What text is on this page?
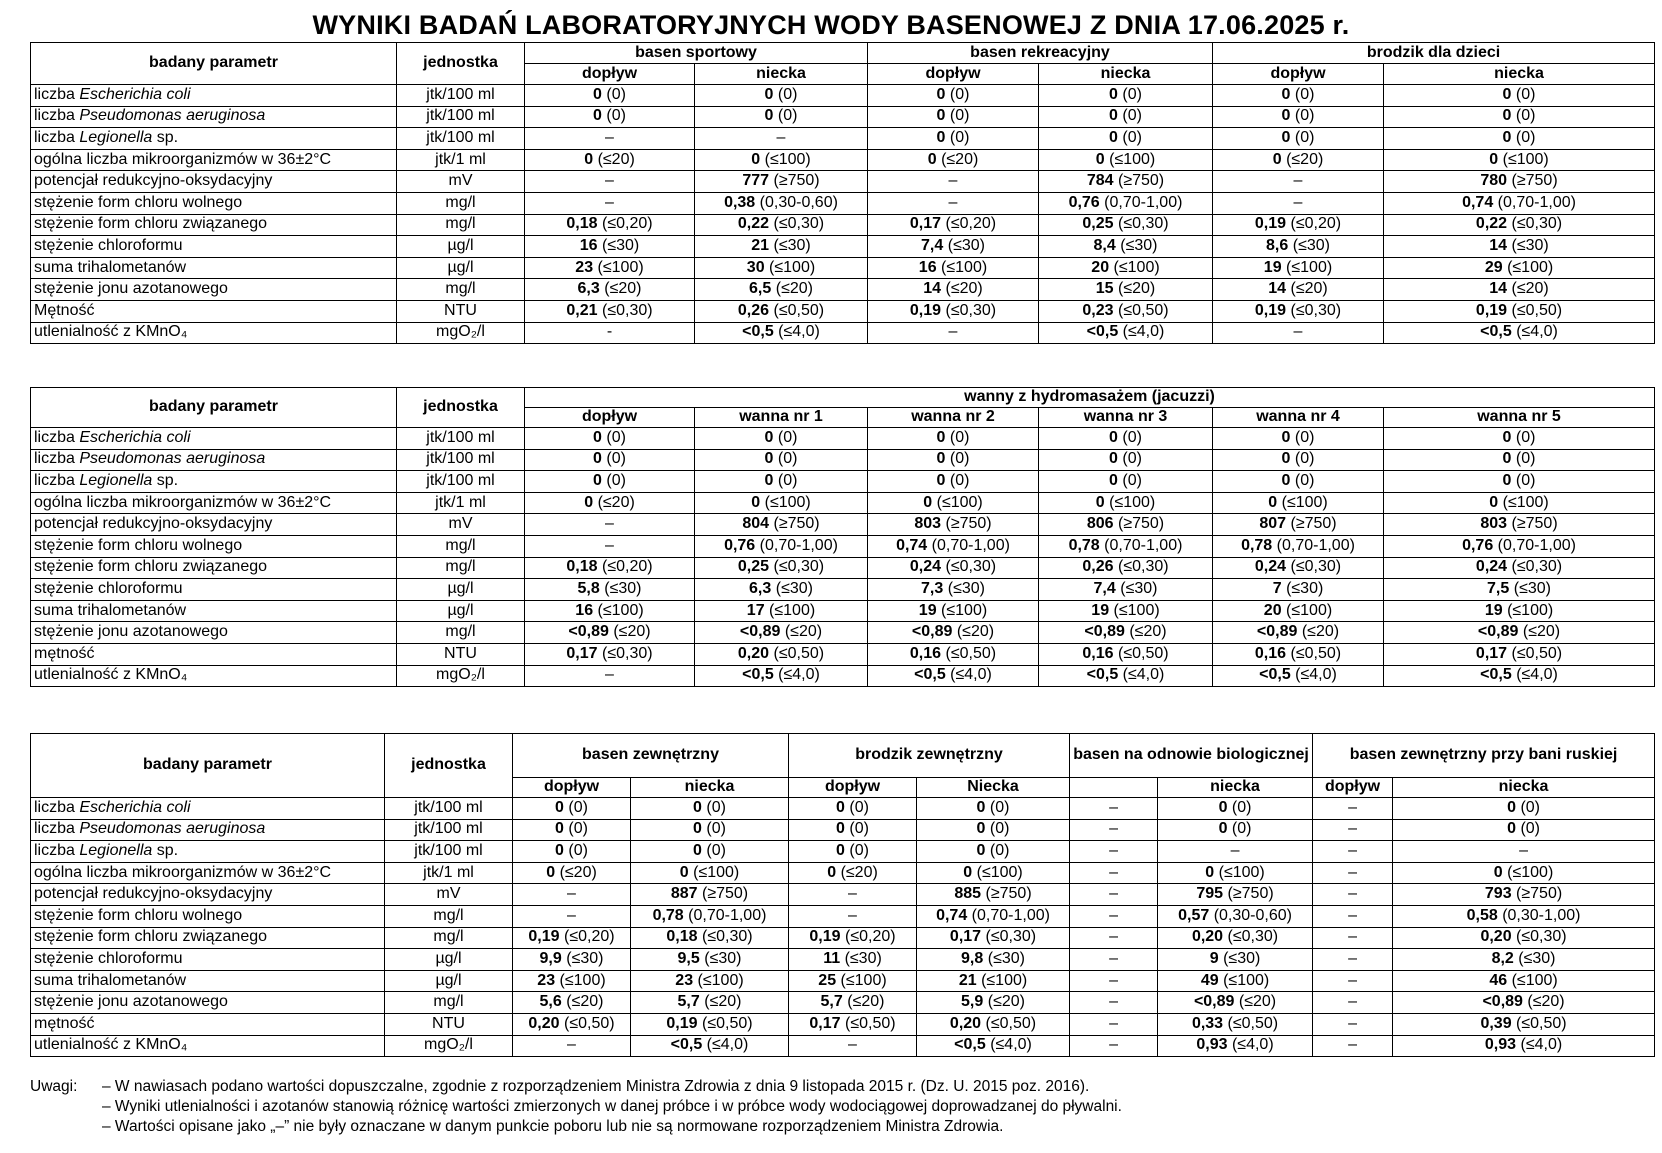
WYNIKI BADAŃ LABORATORYJNYCH WODY BASENOWEJ Z DNIA 17.06.2025 r.
badany parametr	jednostka	basen sportowy		basen rekreacyjny		brodzik dla dzieci	
		dopływ	niecka	dopływ	niecka	dopływ	niecka
liczba Escherichia coli	jtk/100 ml	0 (0)	0 (0)	0 (0)	0 (0)	0 (0)	0 (0)
liczba Pseudomonas aeruginosa	jtk/100 ml	0 (0)	0 (0)	0 (0)	0 (0)	0 (0)	0 (0)
liczba Legionella sp.	jtk/100 ml	–	–	0 (0)	0 (0)	0 (0)	0 (0)
ogólna liczba mikroorganizmów w 36±2°C	jtk/1 ml	0 (≤20)	0 (≤100)	0 (≤20)	0 (≤100)	0 (≤20)	0 (≤100)
potencjał redukcyjno-oksydacyjny	mV	–	777 (≥750)	–	784 (≥750)	–	780 (≥750)
stężenie form chloru wolnego	mg/l	–	0,38 (0,30-0,60)	–	0,76 (0,70-1,00)	–	0,74 (0,70-1,00)
stężenie form chloru związanego	mg/l	0,18 (≤0,20)	0,22 (≤0,30)	0,17 (≤0,20)	0,25 (≤0,30)	0,19 (≤0,20)	0,22 (≤0,30)
stężenie chloroformu	µg/l	16 (≤30)	21 (≤30)	7,4 (≤30)	8,4 (≤30)	8,6 (≤30)	14 (≤30)
suma trihalometanów	µg/l	23 (≤100)	30 (≤100)	16 (≤100)	20 (≤100)	19 (≤100)	29 (≤100)
stężenie jonu azotanowego	mg/l	6,3 (≤20)	6,5 (≤20)	14 (≤20)	15 (≤20)	14 (≤20)	14 (≤20)
Mętność	NTU	0,21 (≤0,30)	0,26 (≤0,50)	0,19 (≤0,30)	0,23 (≤0,50)	0,19 (≤0,30)	0,19 (≤0,50)
utlenialność z KMnO₄	mgO₂/l	-	<0,5 (≤4,0)	–	<0,5 (≤4,0)	–	<0,5 (≤4,0)
badany parametr	jednostka	wanny z hydromasażem (jacuzzi)					
		dopływ	wanna nr 1	wanna nr 2	wanna nr 3	wanna nr 4	wanna nr 5
liczba Escherichia coli	jtk/100 ml	0 (0)	0 (0)	0 (0)	0 (0)	0 (0)	0 (0)
liczba Pseudomonas aeruginosa	jtk/100 ml	0 (0)	0 (0)	0 (0)	0 (0)	0 (0)	0 (0)
liczba Legionella sp.	jtk/100 ml	0 (0)	0 (0)	0 (0)	0 (0)	0 (0)	0 (0)
ogólna liczba mikroorganizmów w 36±2°C	jtk/1 ml	0 (≤20)	0 (≤100)	0 (≤100)	0 (≤100)	0 (≤100)	0 (≤100)
potencjał redukcyjno-oksydacyjny	mV	–	804 (≥750)	803 (≥750)	806 (≥750)	807 (≥750)	803 (≥750)
stężenie form chloru wolnego	mg/l	–	0,76 (0,70-1,00)	0,74 (0,70-1,00)	0,78 (0,70-1,00)	0,78 (0,70-1,00)	0,76 (0,70-1,00)
stężenie form chloru związanego	mg/l	0,18 (≤0,20)	0,25 (≤0,30)	0,24 (≤0,30)	0,26 (≤0,30)	0,24 (≤0,30)	0,24 (≤0,30)
stężenie chloroformu	µg/l	5,8 (≤30)	6,3 (≤30)	7,3 (≤30)	7,4 (≤30)	7 (≤30)	7,5 (≤30)
suma trihalometanów	µg/l	16 (≤100)	17 (≤100)	19 (≤100)	19 (≤100)	20 (≤100)	19 (≤100)
stężenie jonu azotanowego	mg/l	<0,89 (≤20)	<0,89 (≤20)	<0,89 (≤20)	<0,89 (≤20)	<0,89 (≤20)	<0,89 (≤20)
mętność	NTU	0,17 (≤0,30)	0,20 (≤0,50)	0,16 (≤0,50)	0,16 (≤0,50)	0,16 (≤0,50)	0,17 (≤0,50)
utlenialność z KMnO₄	mgO₂/l	–	<0,5 (≤4,0)	<0,5 (≤4,0)	<0,5 (≤4,0)	<0,5 (≤4,0)	<0,5 (≤4,0)
badany parametr	jednostka	basen zewnętrzny		brodzik zewnętrzny		basen na odnowie biologicznej		basen zewnętrzny przy bani ruskiej	
		dopływ	niecka	dopływ	Niecka		niecka	dopływ	niecka
liczba Escherichia coli	jtk/100 ml	0 (0)	0 (0)	0 (0)	0 (0)	–	0 (0)	–	0 (0)
liczba Pseudomonas aeruginosa	jtk/100 ml	0 (0)	0 (0)	0 (0)	0 (0)	–	0 (0)	–	0 (0)
liczba Legionella sp.	jtk/100 ml	0 (0)	0 (0)	0 (0)	0 (0)	–	–	–	–
ogólna liczba mikroorganizmów w 36±2°C	jtk/1 ml	0 (≤20)	0 (≤100)	0 (≤20)	0 (≤100)	–	0 (≤100)	–	0 (≤100)
potencjał redukcyjno-oksydacyjny	mV	–	887 (≥750)	–	885 (≥750)	–	795 (≥750)	–	793 (≥750)
stężenie form chloru wolnego	mg/l	–	0,78 (0,70-1,00)	–	0,74 (0,70-1,00)	–	0,57 (0,30-0,60)	–	0,58 (0,30-1,00)
stężenie form chloru związanego	mg/l	0,19 (≤0,20)	0,18 (≤0,30)	0,19 (≤0,20)	0,17 (≤0,30)	–	0,20 (≤0,30)	–	0,20 (≤0,30)
stężenie chloroformu	µg/l	9,9 (≤30)	9,5 (≤30)	11 (≤30)	9,8 (≤30)	–	9 (≤30)	–	8,2 (≤30)
suma trihalometanów	µg/l	23 (≤100)	23 (≤100)	25 (≤100)	21 (≤100)	–	49 (≤100)	–	46 (≤100)
stężenie jonu azotanowego	mg/l	5,6 (≤20)	5,7 (≤20)	5,7 (≤20)	5,9 (≤20)	–	<0,89 (≤20)	–	<0,89 (≤20)
mętność	NTU	0,20 (≤0,50)	0,19 (≤0,50)	0,17 (≤0,50)	0,20 (≤0,50)	–	0,33 (≤0,50)	–	0,39 (≤0,50)
utlenialność z KMnO₄	mgO₂/l	–	<0,5 (≤4,0)	–	<0,5 (≤4,0)	–	0,93 (≤4,0)	–	0,93 (≤4,0)
Uwagi:	– W nawiasach podano wartości dopuszczalne, zgodnie z rozporządzeniem Ministra Zdrowia z dnia 9 listopada 2015 r. (Dz. U. 2015 poz. 2016).
– Wyniki utlenialności i azotanów stanowią różnicę wartości zmierzonych w danej próbce i w próbce wody wodociągowej doprowadzanej do pływalni.
– Wartości opisane jako „–” nie były oznaczane w danym punkcie poboru lub nie są normowane rozporządzeniem Ministra Zdrowia.
